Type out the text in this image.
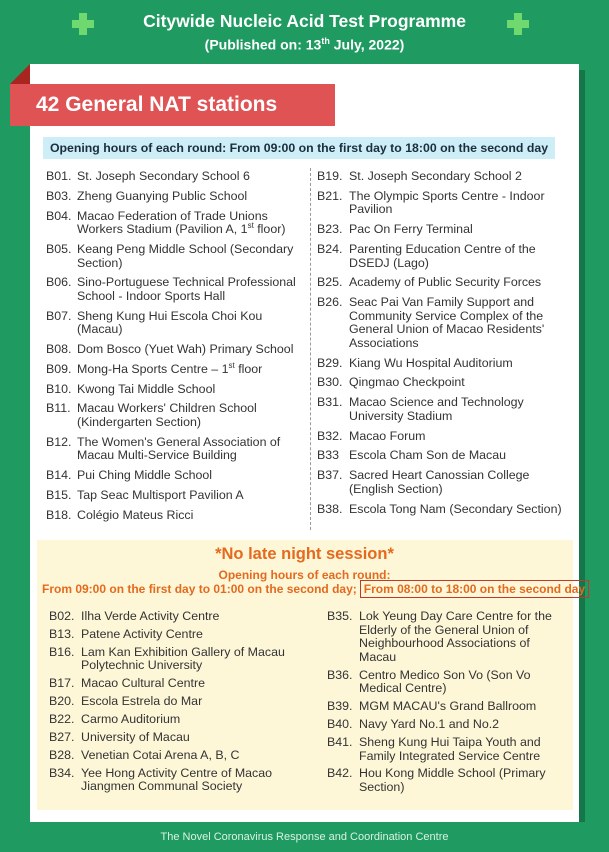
Citywide Nucleic Acid Test Programme
(Published on: 13th July, 2022)
42 General NAT stations
Opening hours of each round: From 09:00 on the first day to 18:00 on the second day
B01. St. Joseph Secondary School 6
B03. Zheng Guanying Public School
B04. Macao Federation of Trade Unions Workers Stadium (Pavilion A, 1st floor)
B05. Keang Peng Middle School (Secondary Section)
B06. Sino-Portuguese Technical Professional School - Indoor Sports Hall
B07. Sheng Kung Hui Escola Choi Kou (Macau)
B08. Dom Bosco (Yuet Wah) Primary School
B09. Mong-Ha Sports Centre – 1st floor
B10. Kwong Tai Middle School
B11. Macau Workers' Children School (Kindergarten Section)
B12. The Women's General Association of Macau Multi-Service Building
B14. Pui Ching Middle School
B15. Tap Seac Multisport Pavilion A
B18. Colégio Mateus Ricci
B19. St. Joseph Secondary School 2
B21. The Olympic Sports Centre - Indoor Pavilion
B23. Pac On Ferry Terminal
B24. Parenting Education Centre of the DSEDJ (Lago)
B25. Academy of Public Security Forces
B26. Seac Pai Van Family Support and Community Service Complex of the General Union of Macao Residents' Associations
B29. Kiang Wu Hospital Auditorium
B30. Qingmao Checkpoint
B31. Macao Science and Technology University Stadium
B32. Macao Forum
B33 Escola Cham Son de Macau
B37. Sacred Heart Canossian College (English Section)
B38. Escola Tong Nam (Secondary Section)
*No late night session*
Opening hours of each round:
From 09:00 on the first day to 01:00 on the second day; From 08:00 to 18:00 on the second day
B02. Ilha Verde Activity Centre
B13. Patene Activity Centre
B16. Lam Kan Exhibition Gallery of Macau Polytechnic University
B17. Macao Cultural Centre
B20. Escola Estrela do Mar
B22. Carmo Auditorium
B27. University of Macau
B28. Venetian Cotai Arena A, B, C
B34. Yee Hong Activity Centre of Macao Jiangmen Communal Society
B35. Lok Yeung Day Care Centre for the Elderly of the General Union of Neighbourhood Associations of Macau
B36. Centro Medico Son Vo (Son Vo Medical Centre)
B39. MGM MACAU's Grand Ballroom
B40. Navy Yard No.1 and No.2
B41. Sheng Kung Hui Taipa Youth and Family Integrated Service Centre
B42. Hou Kong Middle School (Primary Section)
The Novel Coronavirus Response and Coordination Centre
